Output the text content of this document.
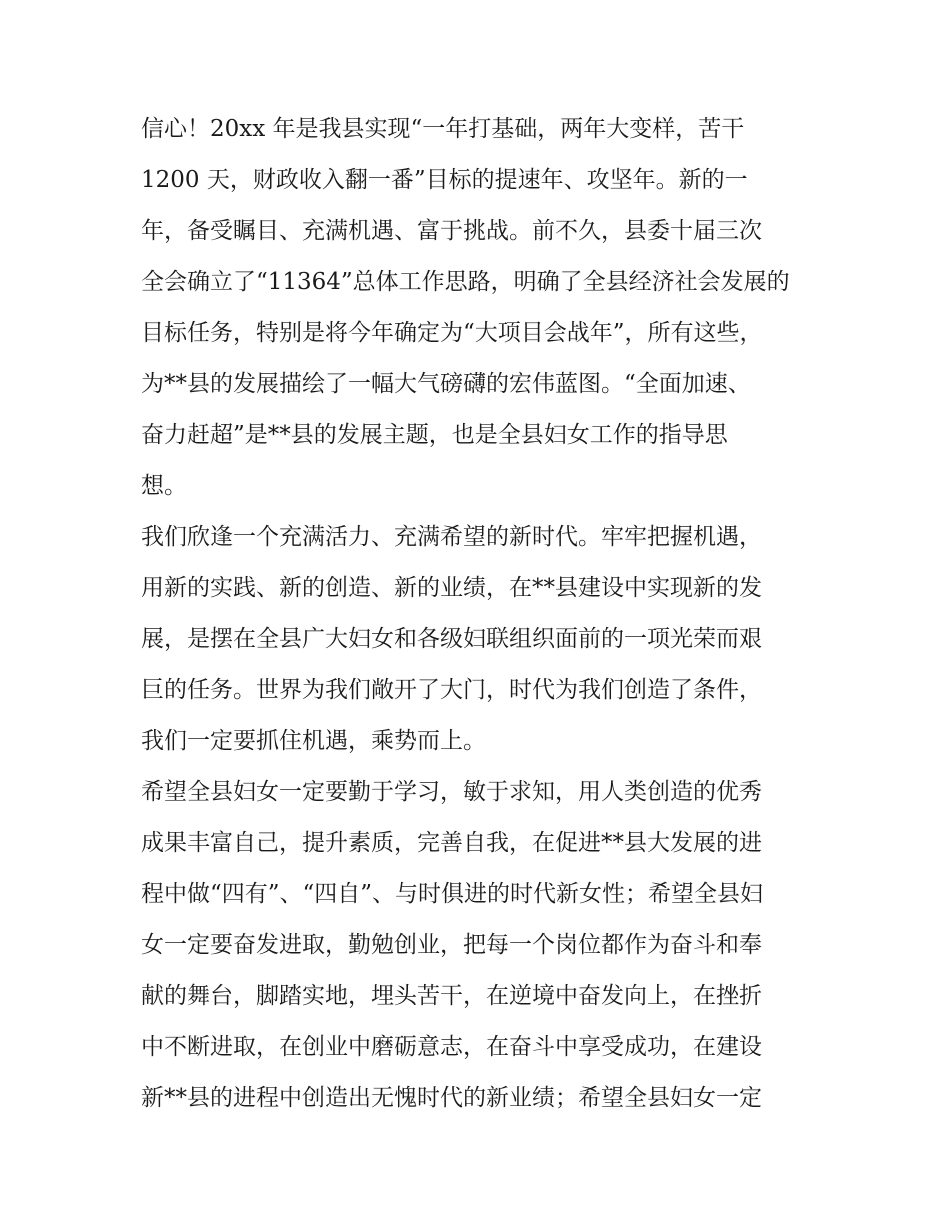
信心！20xx 年是我县实现“一年打基础，两年大变样，苦干
1200 天，财政收入翻一番”目标的提速年、攻坚年。新的一
年，备受瞩目、充满机遇、富于挑战。前不久，县委十届三次
全会确立了“11364”总体工作思路，明确了全县经济社会发展的
目标任务，特别是将今年确定为“大项目会战年”，所有这些，
为**县的发展描绘了一幅大气磅礴的宏伟蓝图。“全面加速、
奋力赶超”是**县的发展主题，也是全县妇女工作的指导思
想。

我们欣逢一个充满活力、充满希望的新时代。牢牢把握机遇，
用新的实践、新的创造、新的业绩，在**县建设中实现新的发
展，是摆在全县广大妇女和各级妇联组织面前的一项光荣而艰
巨的任务。世界为我们敞开了大门，时代为我们创造了条件，
我们一定要抓住机遇，乘势而上。

希望全县妇女一定要勤于学习，敏于求知，用人类创造的优秀
成果丰富自己，提升素质，完善自我，在促进**县大发展的进
程中做“四有”、“四自”、与时俱进的时代新女性；希望全县妇
女一定要奋发进取，勤勉创业，把每一个岗位都作为奋斗和奉
献的舞台，脚踏实地，埋头苦干，在逆境中奋发向上，在挫折
中不断进取，在创业中磨砺意志，在奋斗中享受成功，在建设
新**县的进程中创造出无愧时代的新业绩；希望全县妇女一定
